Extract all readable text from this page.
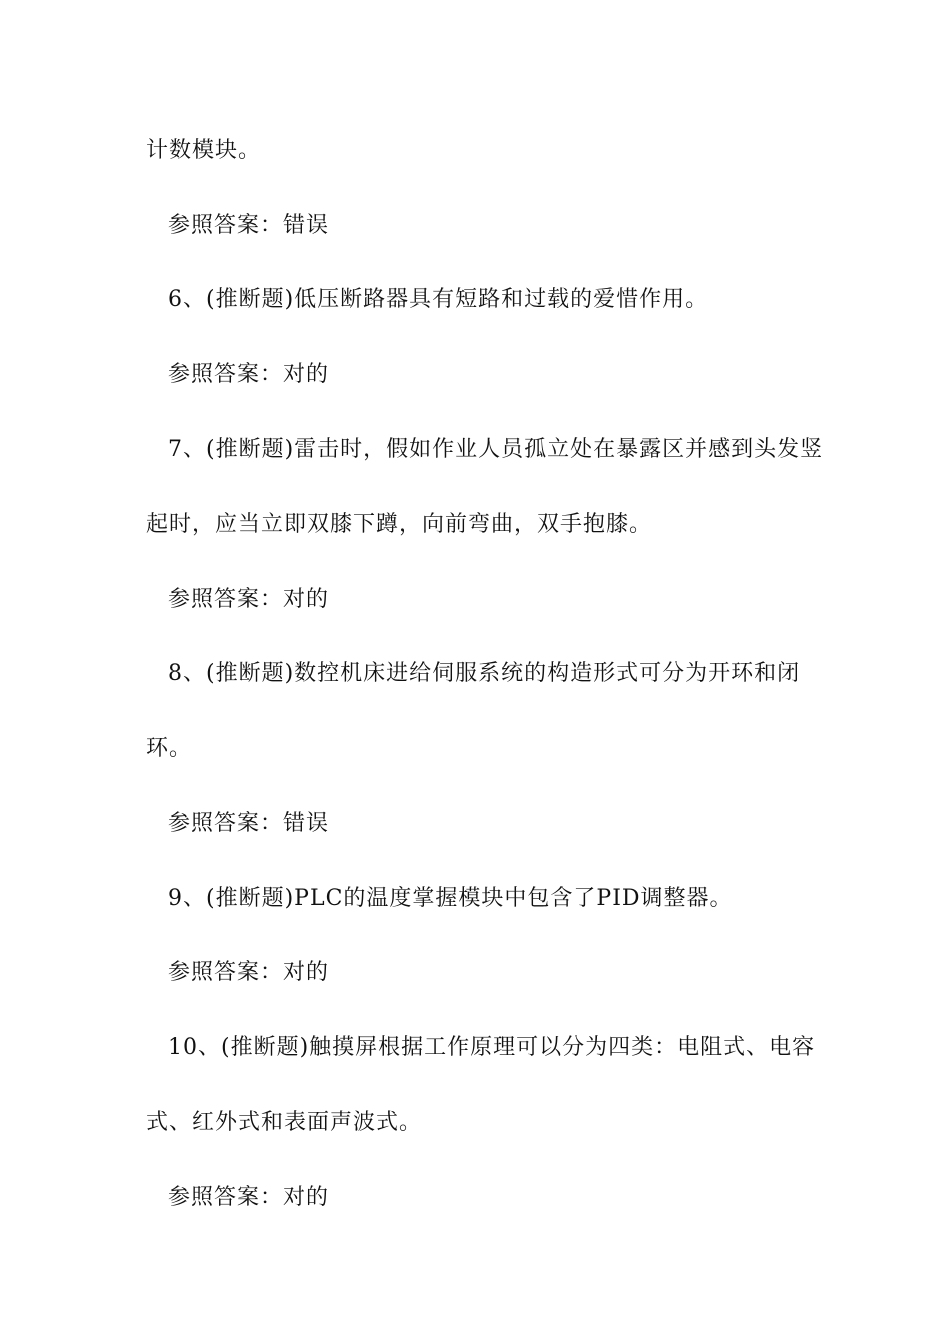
计数模块。
参照答案：错误
6、(推断题)低压断路器具有短路和过载的爱惜作用。
参照答案：对的
7、(推断题)雷击时，假如作业人员孤立处在暴露区并感到头发竖
起时，应当立即双膝下蹲，向前弯曲，双手抱膝。
参照答案：对的
8、(推断题)数控机床进给伺服系统的构造形式可分为开环和闭
环。
参照答案：错误
9、(推断题)PLC的温度掌握模块中包含了PID调整器。
参照答案：对的
10、(推断题)触摸屏根据工作原理可以分为四类：电阻式、电容
式、红外式和表面声波式。
参照答案：对的
